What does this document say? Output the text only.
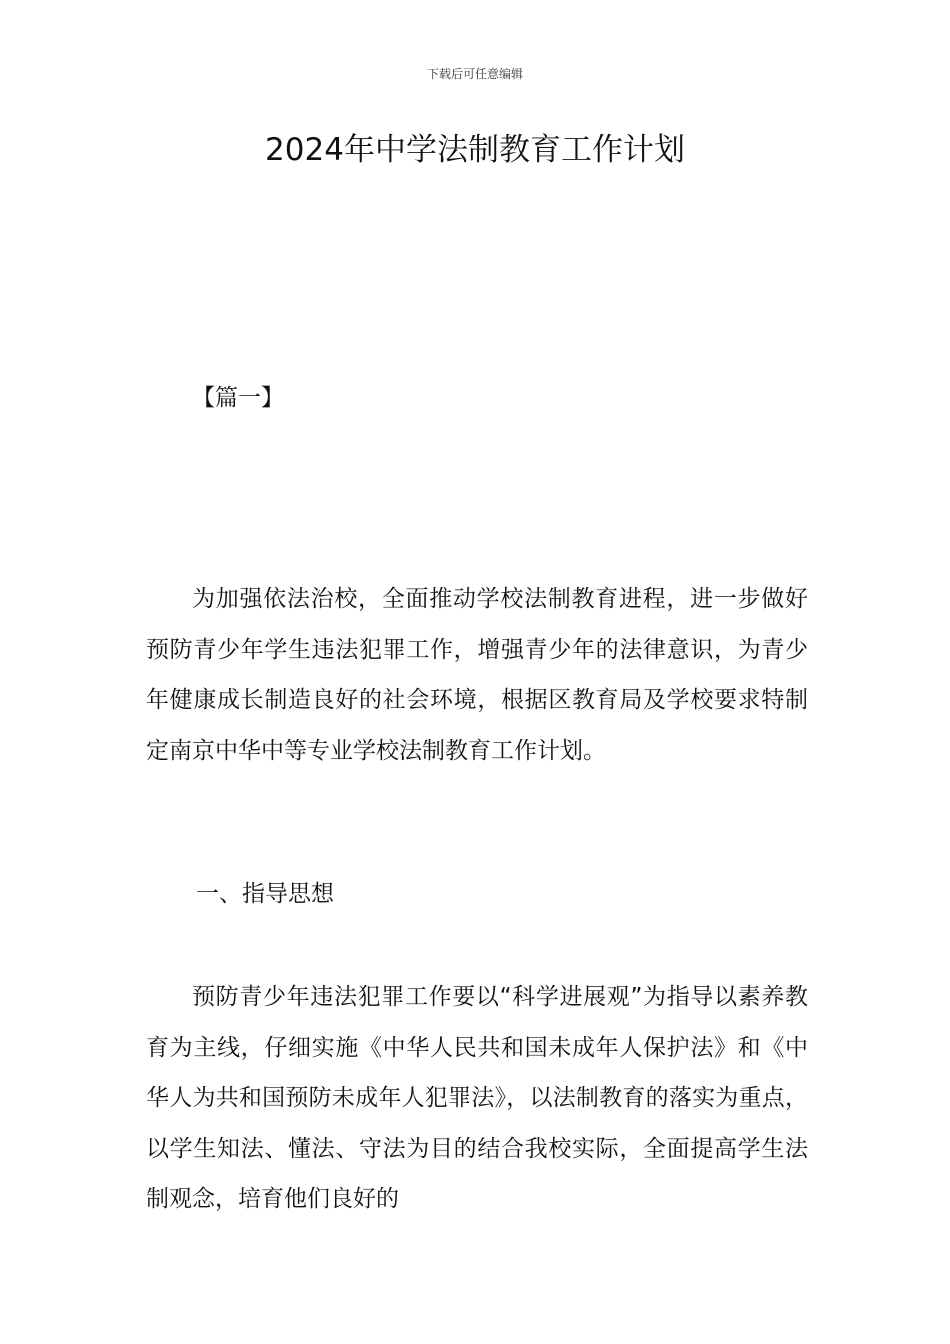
下载后可任意编辑
2024年中学法制教育工作计划
【篇一】

为加强依法治校，全面推动学校法制教育进程，进一步做好预防青少年学生违法犯罪工作，增强青少年的法律意识，为青少年健康成长制造良好的社会环境，根据区教育局及学校要求特制定南京中华中等专业学校法制教育工作计划。

一、指导思想

预防青少年违法犯罪工作要以“科学进展观”为指导以素养教育为主线，仔细实施《中华人民共和国未成年人保护法》和《中华人为共和国预防未成年人犯罪法》，以法制教育的落实为重点，以学生知法、懂法、守法为目的结合我校实际，全面提高学生法制观念，培育他们良好的
